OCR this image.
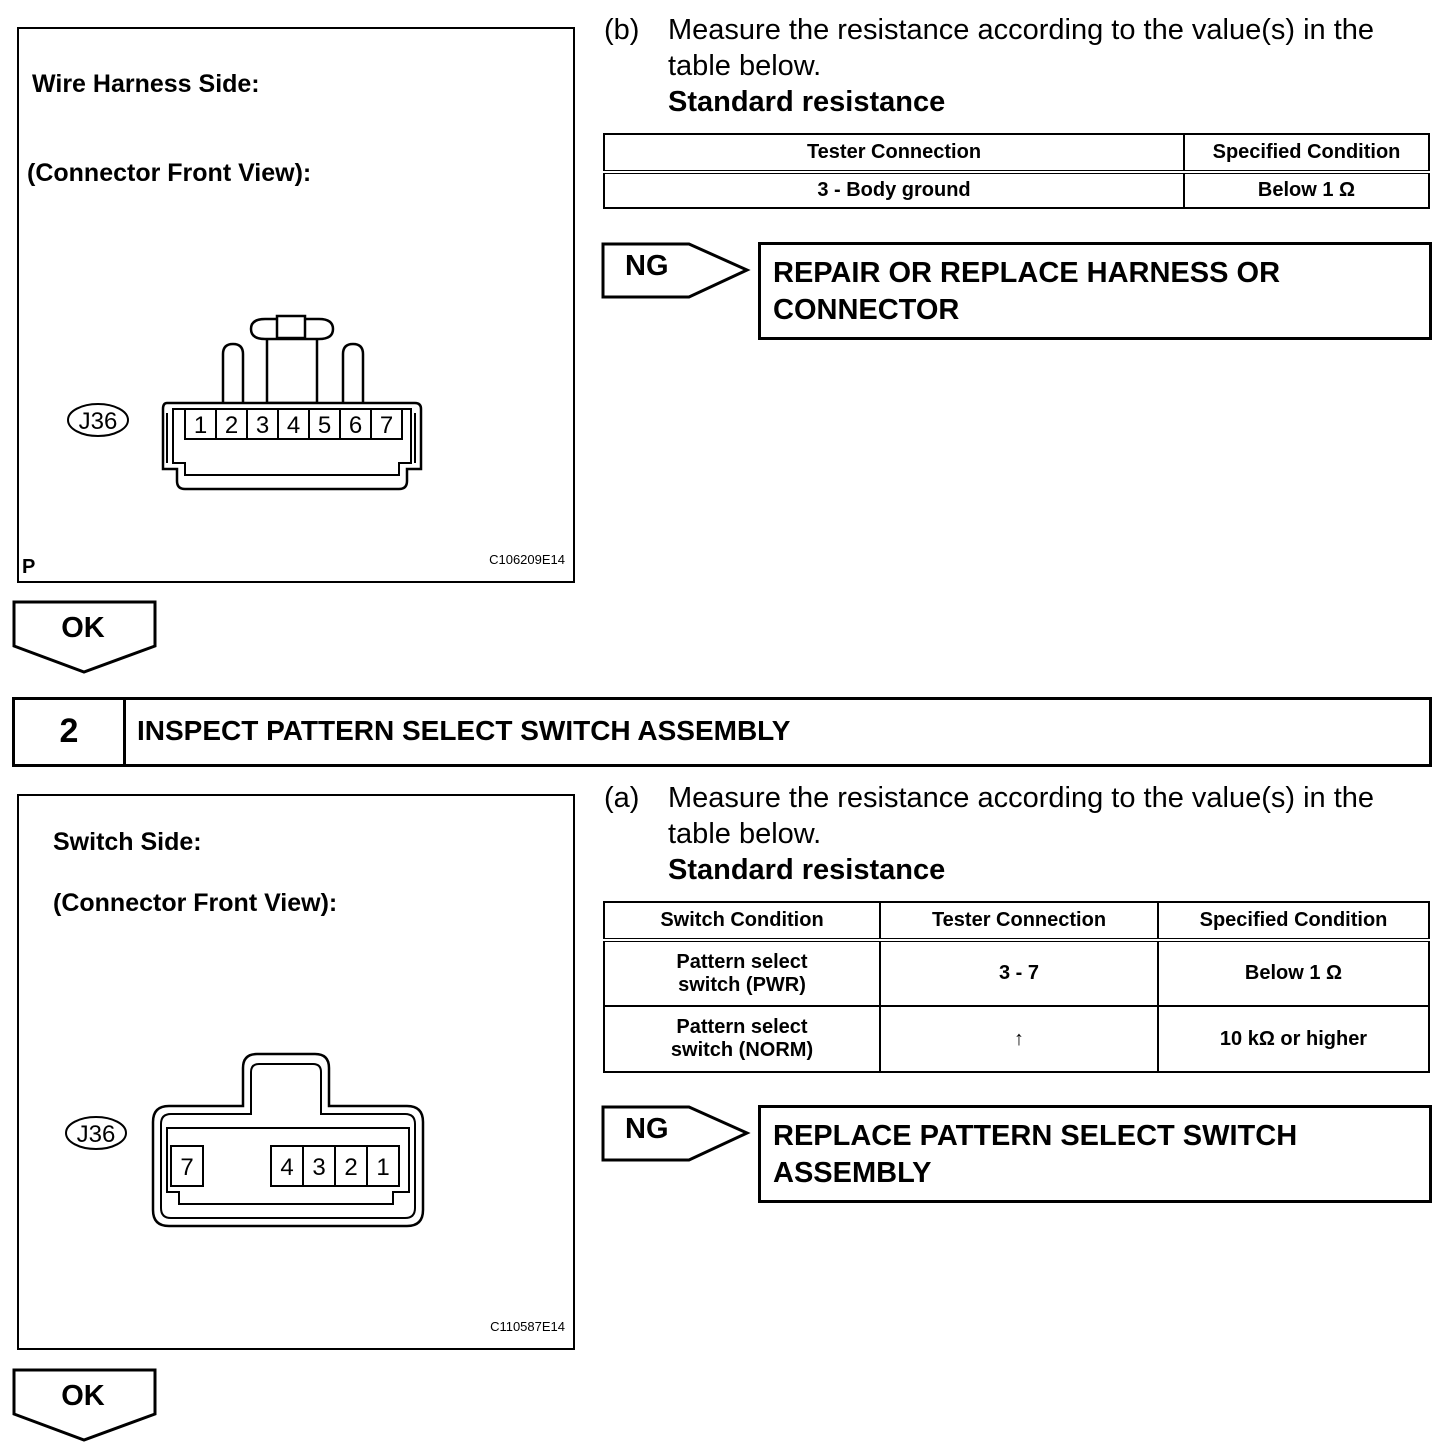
Wire Harness Side:
(Connector Front View):
1 2 3 4 5 6 7
J36
P	C106209E14
(b) Measure the resistance according to the value(s) in the table below.
Standard resistance
Tester Connection	Specified Condition
3 - Body ground	Below 1 Ω
NG	REPAIR OR REPLACE HARNESS OR CONNECTOR
OK
2	INSPECT PATTERN SELECT SWITCH ASSEMBLY
Switch Side:
(Connector Front View):
7	4 3 2 1
J36
C110587E14
(a) Measure the resistance according to the value(s) in the table below.
Standard resistance
Switch Condition	Tester Connection	Specified Condition
Pattern select switch (PWR)	3 - 7	Below 1 Ω
Pattern select switch (NORM)	↑	10 kΩ or higher
NG	REPLACE PATTERN SELECT SWITCH ASSEMBLY
OK
